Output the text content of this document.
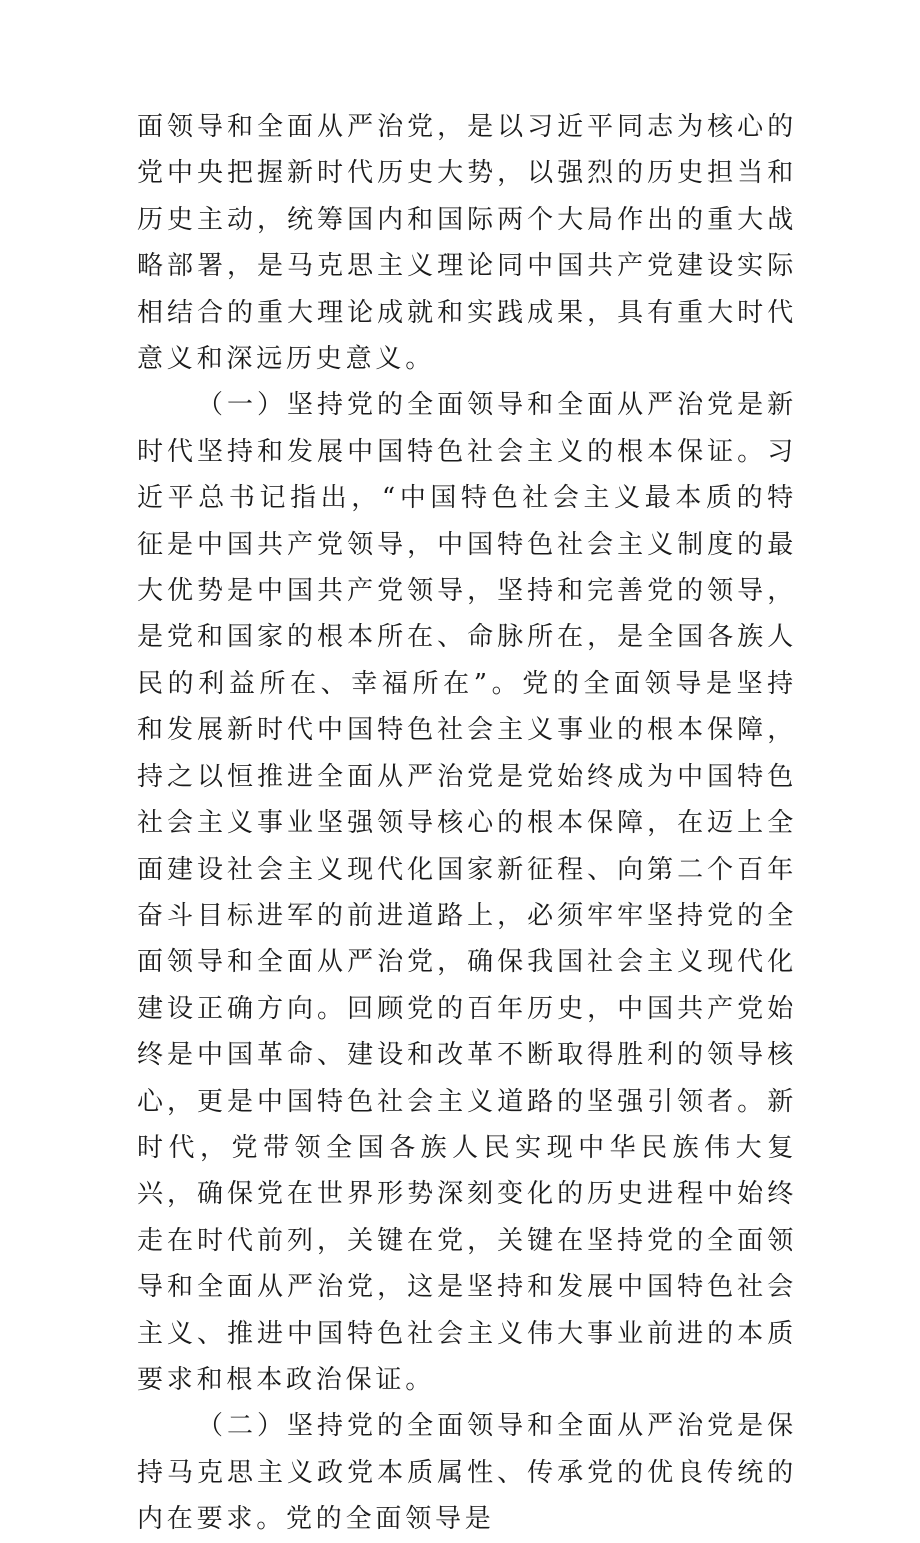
面领导和全面从严治党，是以习近平同志为核心的党中央把握新时代历史大势，以强烈的历史担当和历史主动，统筹国内和国际两个大局作出的重大战略部署，是马克思主义理论同中国共产党建设实际相结合的重大理论成就和实践成果，具有重大时代意义和深远历史意义。

（一）坚持党的全面领导和全面从严治党是新时代坚持和发展中国特色社会主义的根本保证。习近平总书记指出，“中国特色社会主义最本质的特征是中国共产党领导，中国特色社会主义制度的最大优势是中国共产党领导，坚持和完善党的领导，是党和国家的根本所在、命脉所在，是全国各族人民的利益所在、幸福所在”。党的全面领导是坚持和发展新时代中国特色社会主义事业的根本保障，持之以恒推进全面从严治党是党始终成为中国特色社会主义事业坚强领导核心的根本保障，在迈上全面建设社会主义现代化国家新征程、向第二个百年奋斗目标进军的前进道路上，必须牢牢坚持党的全面领导和全面从严治党，确保我国社会主义现代化建设正确方向。回顾党的百年历史，中国共产党始终是中国革命、建设和改革不断取得胜利的领导核心，更是中国特色社会主义道路的坚强引领者。新时代，党带领全国各族人民实现中华民族伟大复兴，确保党在世界形势深刻变化的历史进程中始终走在时代前列，关键在党，关键在坚持党的全面领导和全面从严治党，这是坚持和发展中国特色社会主义、推进中国特色社会主义伟大事业前进的本质要求和根本政治保证。

（二）坚持党的全面领导和全面从严治党是保持马克思主义政党本质属性、传承党的优良传统的内在要求。党的全面领导是
